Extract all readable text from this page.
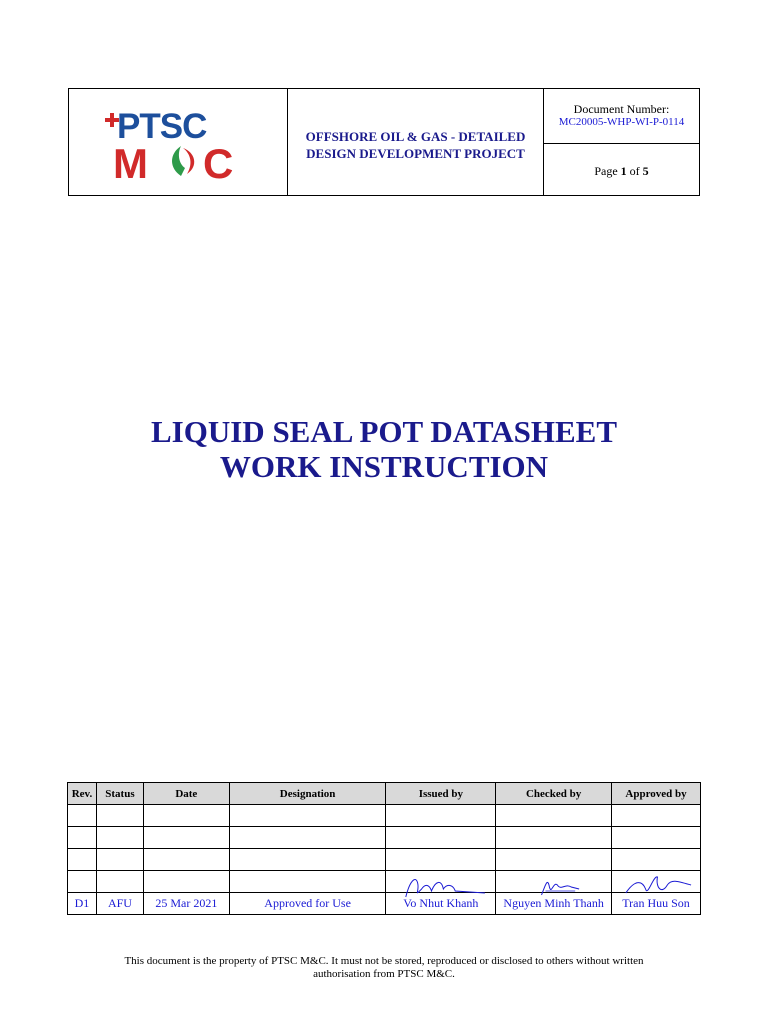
PTSC
M C
OFFSHORE OIL & GAS - DETAILED
DESIGN DEVELOPMENT PROJECT
Document Number:
MC20005-WHP-WI-P-0114
Page 1 of 5
LIQUID SEAL POT DATASHEET
WORK INSTRUCTION
Rev.	Status	Date	Designation	Issued by	Checked by	Approved by

D1	AFU	25 Mar 2021	Approved for Use	Vo Nhut Khanh	Nguyen Minh Thanh	Tran Huu Son
This document is the property of PTSC M&C. It must not be stored, reproduced or disclosed to others without written
authorisation from PTSC M&C.
